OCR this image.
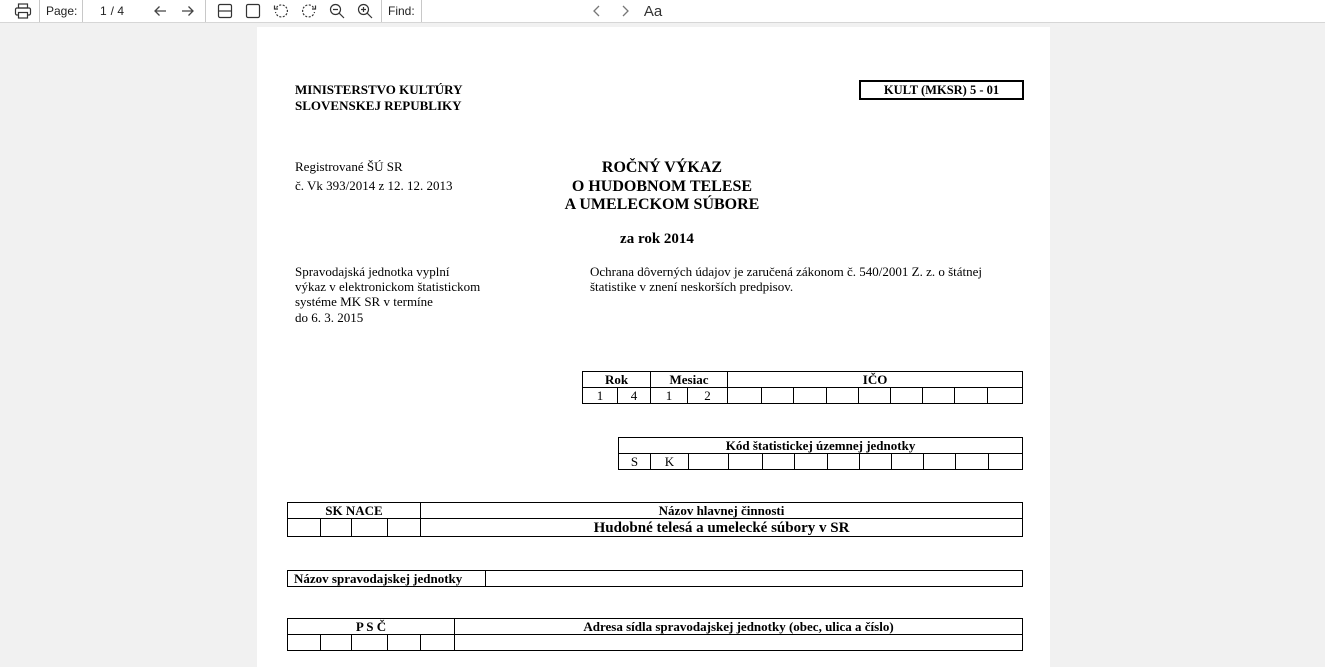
Page: 1 / 4	Find:	Aa
MINISTERSTVO KULTÚRY
SLOVENSKEJ REPUBLIKY
KULT (MKSR) 5 - 01
Registrované ŠÚ SR
č. Vk 393/2014 z 12. 12. 2013
ROČNÝ VÝKAZ
O HUDOBNOM TELESE
A UMELECKOM SÚBORE
za rok 2014
Spravodajská jednotka vyplní
výkaz v elektronickom štatistickom
systéme MK SR v termíne
do 6. 3. 2015
Ochrana dôverných údajov je zaručená zákonom č. 540/2001 Z. z. o štátnej
štatistike v znení neskorších predpisov.
Rok		Mesiac		IČO								
1	4	1	2									
Kód štatistickej územnej jednotky
S	K										
SK NACE				Názov hlavnej činnosti
				Hudobné telesá a umelecké súbory v SR
Názov spravodajskej jednotky	
P S Č					Adresa sídla spravodajskej jednotky (obec, ulica a číslo)
